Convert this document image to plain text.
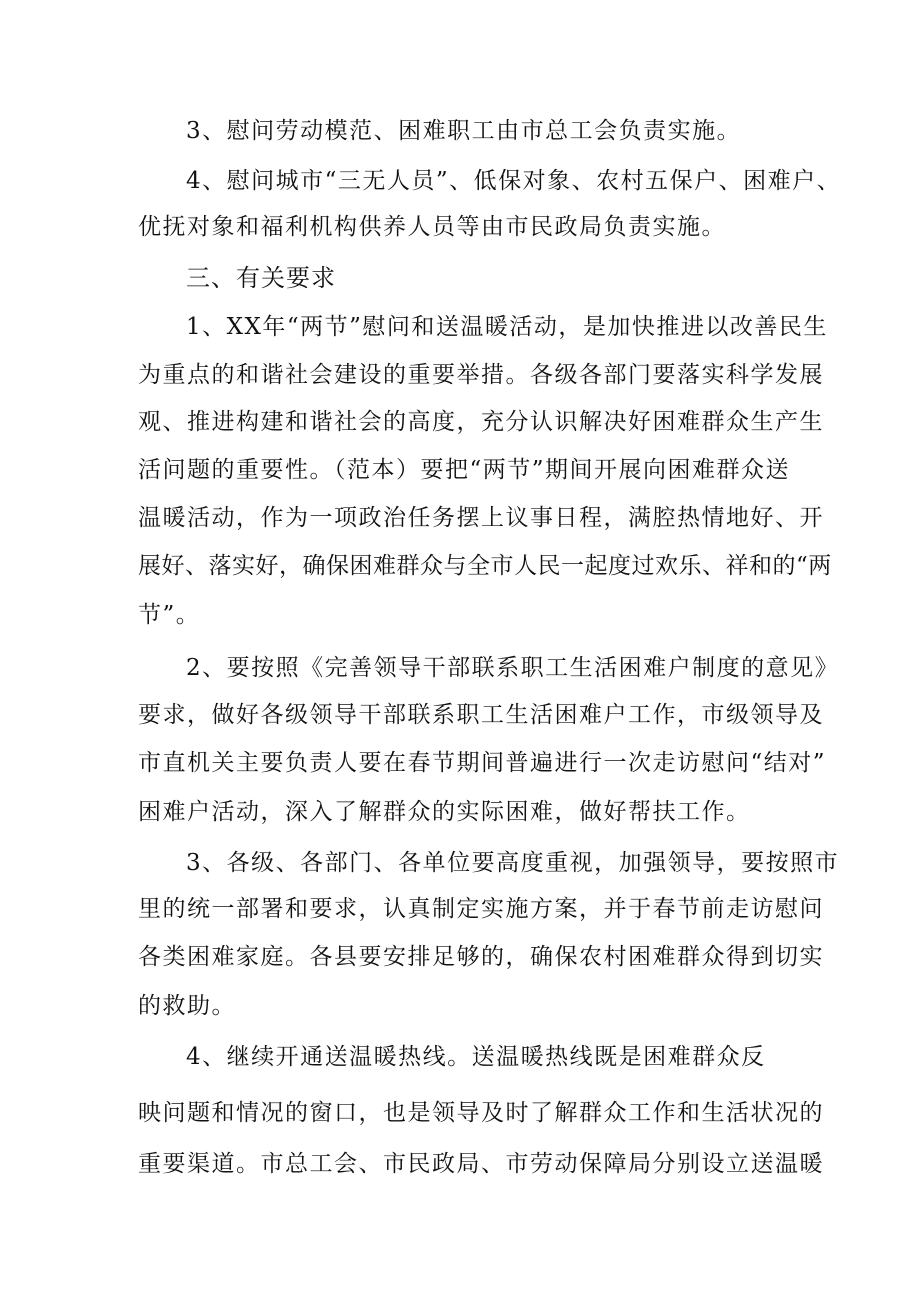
3、慰问劳动模范、困难职工由市总工会负责实施。
4、慰问城市“三无人员”、低保对象、农村五保户、困难户、
优抚对象和福利机构供养人员等由市民政局负责实施。
三、有关要求
1、XX年“两节”慰问和送温暖活动，是加快推进以改善民生
为重点的和谐社会建设的重要举措。各级各部门要落实科学发展
观、推进构建和谐社会的高度，充分认识解决好困难群众生产生
活问题的重要性。（范本）要把“两节”期间开展向困难群众送
温暖活动，作为一项政治任务摆上议事日程，满腔热情地好、开
展好、落实好，确保困难群众与全市人民一起度过欢乐、祥和的“两
节”。
2、要按照《完善领导干部联系职工生活困难户制度的意见》
要求，做好各级领导干部联系职工生活困难户工作，市级领导及
市直机关主要负责人要在春节期间普遍进行一次走访慰问“结对”
困难户活动，深入了解群众的实际困难，做好帮扶工作。
3、各级、各部门、各单位要高度重视，加强领导，要按照市
里的统一部署和要求，认真制定实施方案，并于春节前走访慰问
各类困难家庭。各县要安排足够的，确保农村困难群众得到切实
的救助。
4、继续开通送温暖热线。送温暖热线既是困难群众反
映问题和情况的窗口，也是领导及时了解群众工作和生活状况的
重要渠道。市总工会、市民政局、市劳动保障局分别设立送温暖
